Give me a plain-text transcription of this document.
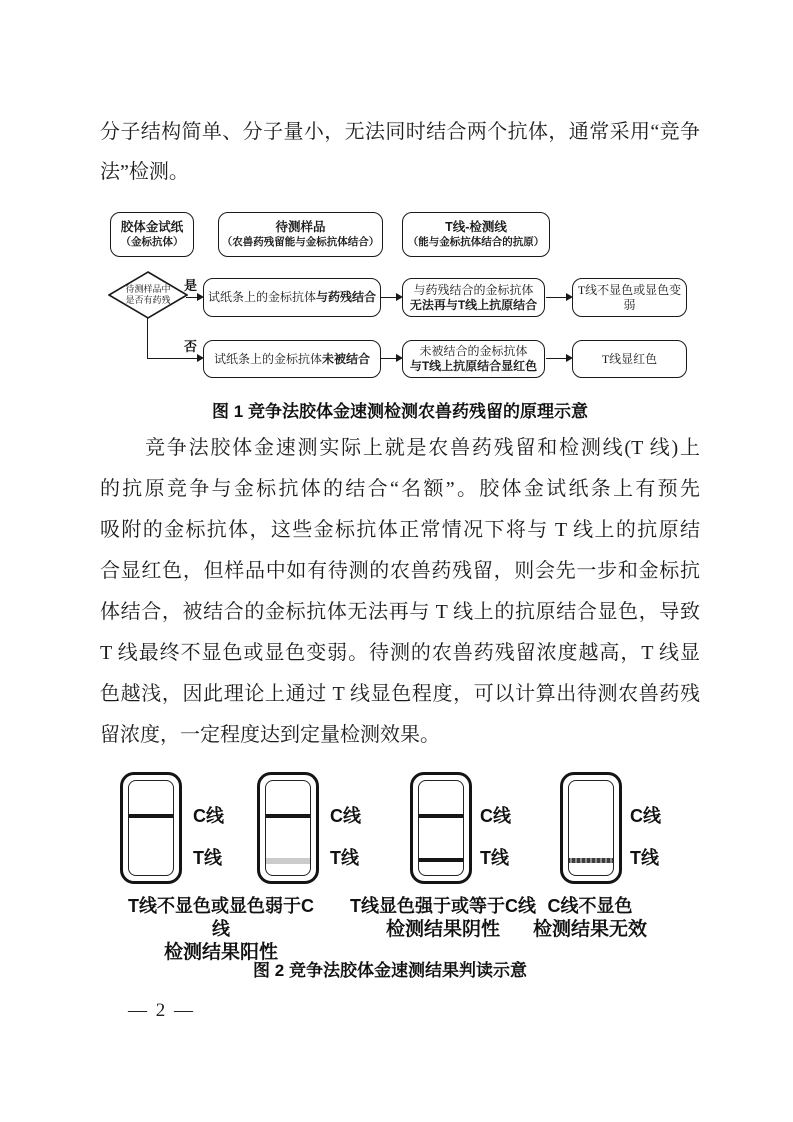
分子结构简单、分子量小，无法同时结合两个抗体，通常采用“竞争
法”检测。
胶体金试纸
（金标抗体）
待测样品
（农兽药残留能与金标抗体结合）
T线-检测线
（能与金标抗体结合的抗原）
待测样品中
是否有药残
是
否
试纸条上的金标抗体与药残结合
与药残结合的金标抗体
无法再与T线上抗原结合
T线不显色或显色变弱
试纸条上的金标抗体未被结合
未被结合的金标抗体
与T线上抗原结合显红色
T线显红色
图 1 竞争法胶体金速测检测农兽药残留的原理示意
竞争法胶体金速测实际上就是农兽药残留和检测线(T 线)上
的抗原竞争与金标抗体的结合“名额”。胶体金试纸条上有预先
吸附的金标抗体，这些金标抗体正常情况下将与 T 线上的抗原结
合显红色，但样品中如有待测的农兽药残留，则会先一步和金标抗
体结合，被结合的金标抗体无法再与 T 线上的抗原结合显色，导致
T 线最终不显色或显色变弱。待测的农兽药残留浓度越高，T 线显
色越浅，因此理论上通过 T 线显色程度，可以计算出待测农兽药残
留浓度，一定程度达到定量检测效果。
C线
T线
C线
T线
C线
T线
C线
T线
T线不显色或显色弱于C线
检测结果阳性
T线显色强于或等于C线
检测结果阴性
C线不显色
检测结果无效
图 2 竞争法胶体金速测结果判读示意
— 2 —
